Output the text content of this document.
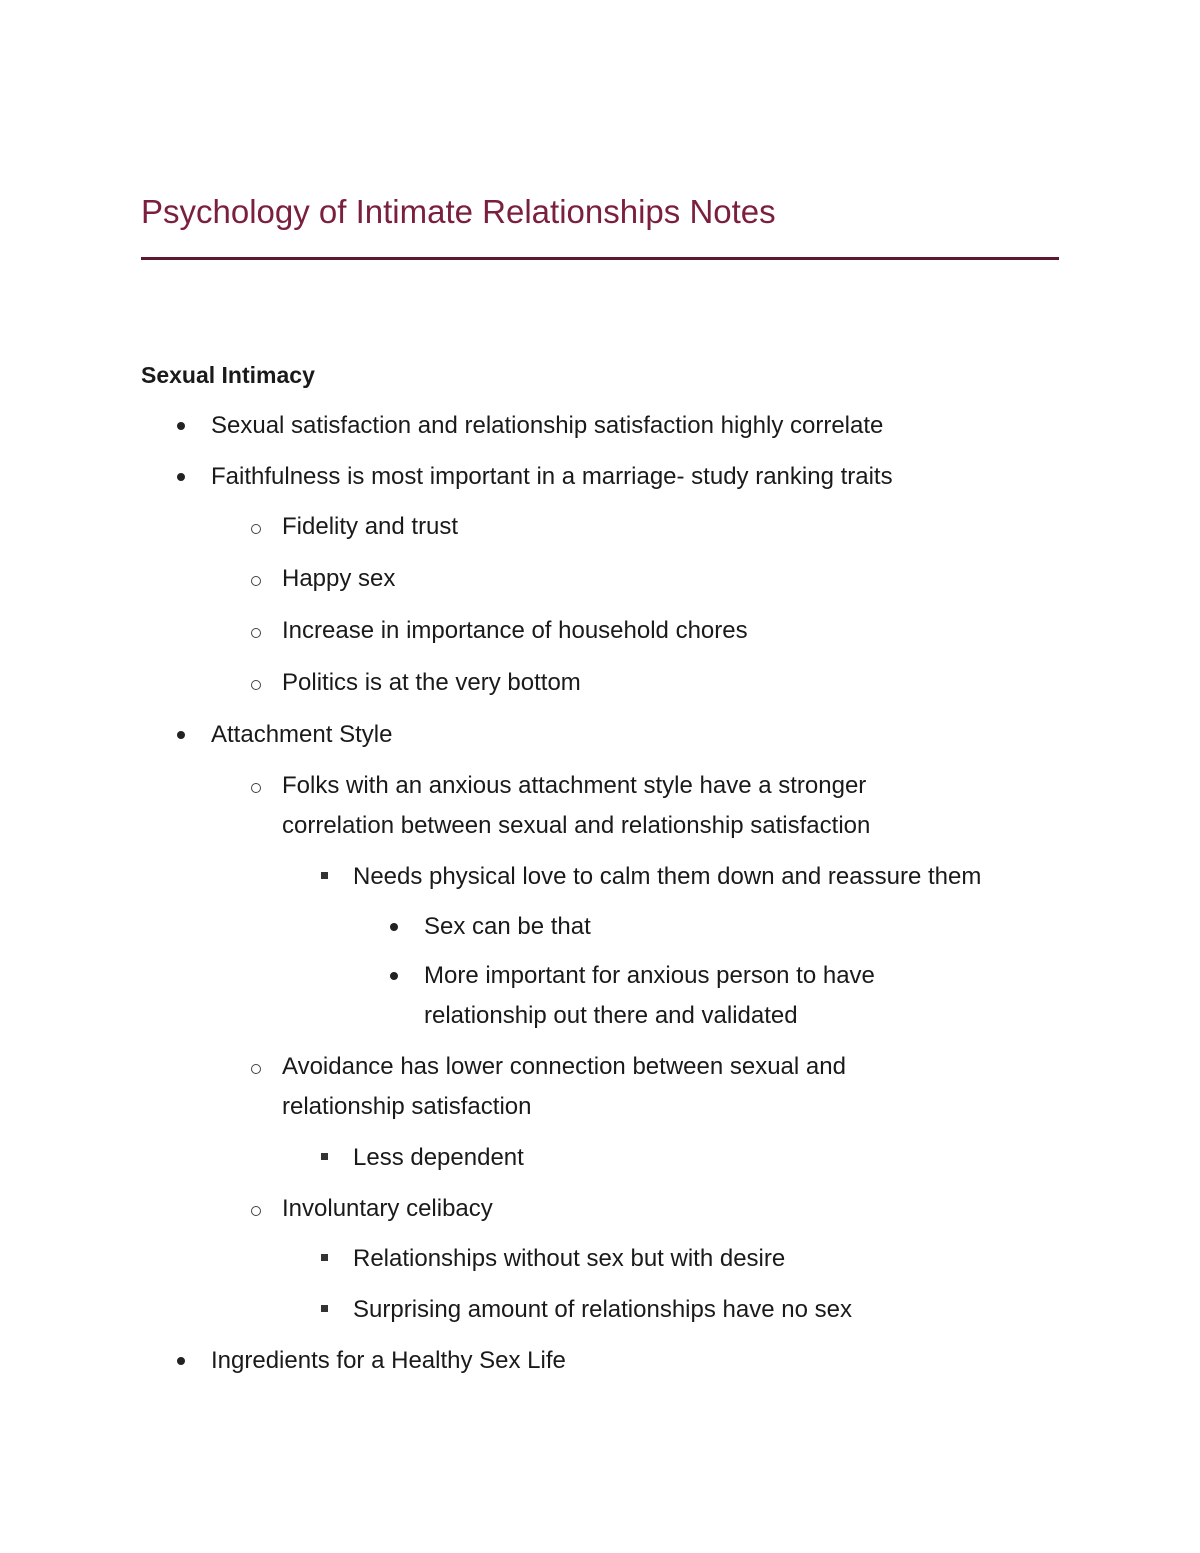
Psychology of Intimate Relationships Notes
Sexual Intimacy
Sexual satisfaction and relationship satisfaction highly correlate
Faithfulness is most important in a marriage- study ranking traits
Fidelity and trust
Happy sex
Increase in importance of household chores
Politics is at the very bottom
Attachment Style
Folks with an anxious attachment style have a stronger
correlation between sexual and relationship satisfaction
Needs physical love to calm them down and reassure them
Sex can be that
More important for anxious person to have
relationship out there and validated
Avoidance has lower connection between sexual and
relationship satisfaction
Less dependent
Involuntary celibacy
Relationships without sex but with desire
Surprising amount of relationships have no sex
Ingredients for a Healthy Sex Life
